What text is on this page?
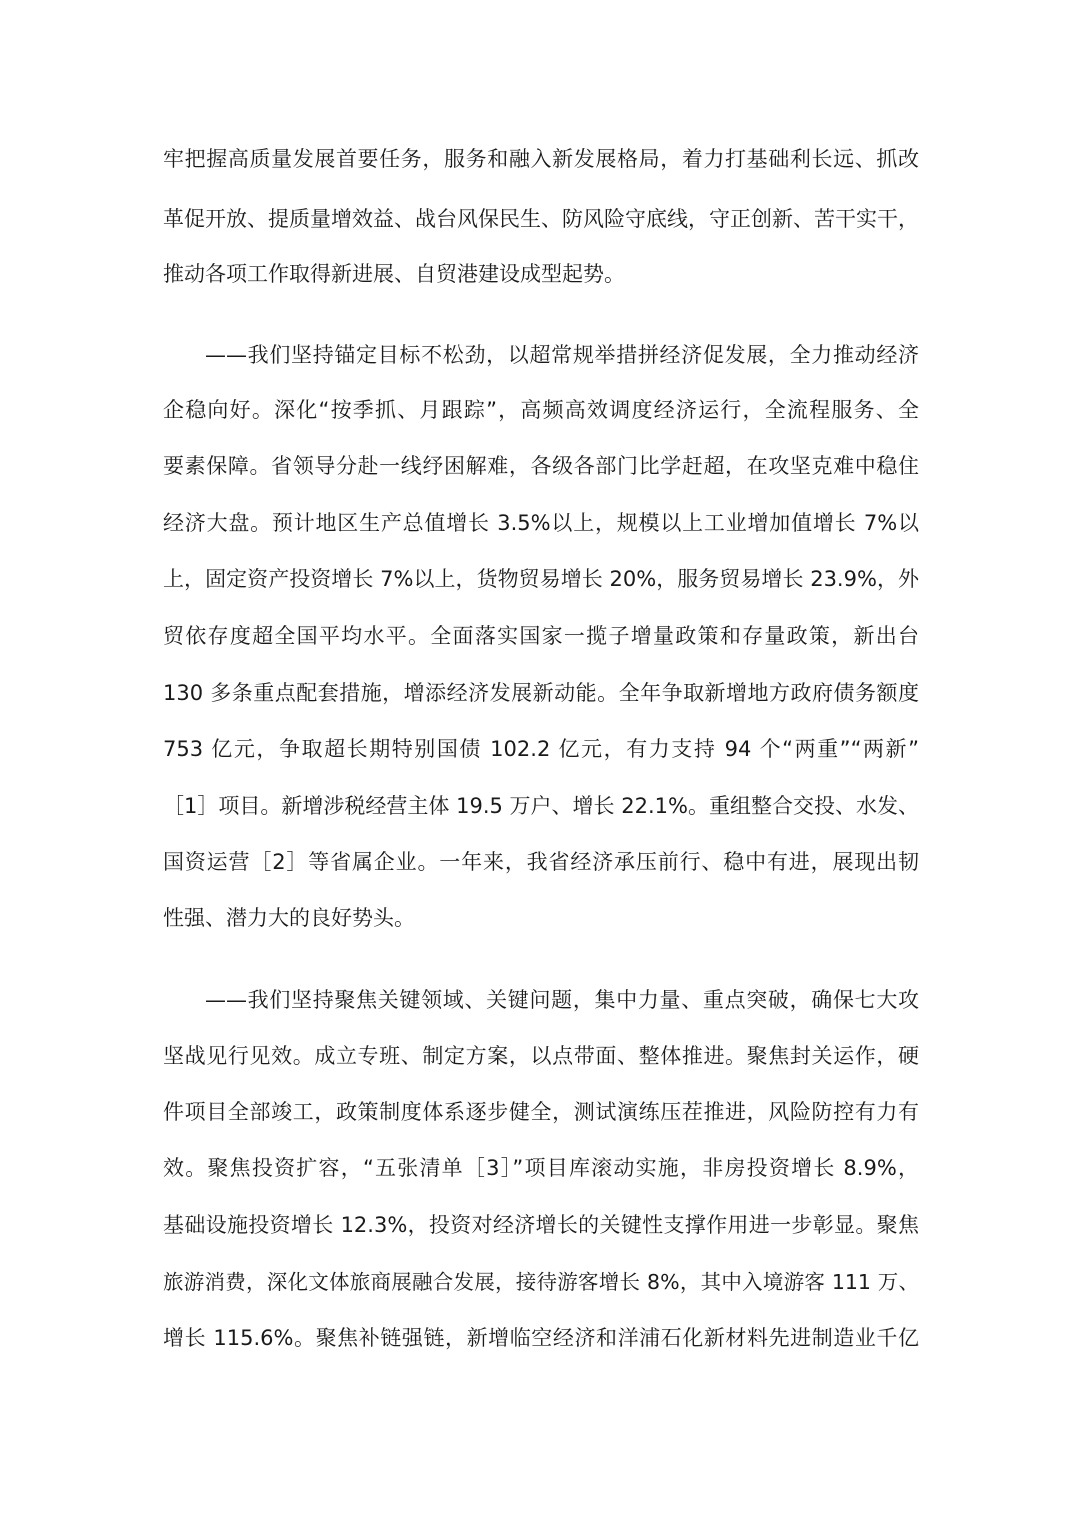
牢把握高质量发展首要任务，服务和融入新发展格局，着力打基础利长远、抓改
革促开放、提质量增效益、战台风保民生、防风险守底线，守正创新、苦干实干，
推动各项工作取得新进展、自贸港建设成型起势。
——我们坚持锚定目标不松劲，以超常规举措拼经济促发展，全力推动经济
企稳向好。深化“按季抓、月跟踪”，高频高效调度经济运行，全流程服务、全
要素保障。省领导分赴一线纾困解难，各级各部门比学赶超，在攻坚克难中稳住
经济大盘。预计地区生产总值增长 3.5%以上，规模以上工业增加值增长 7%以
上，固定资产投资增长 7%以上，货物贸易增长 20%，服务贸易增长 23.9%，外
贸依存度超全国平均水平。全面落实国家一揽子增量政策和存量政策，新出台
130 多条重点配套措施，增添经济发展新动能。全年争取新增地方政府债务额度
753 亿元，争取超长期特别国债 102.2 亿元，有力支持 94 个“两重”“两新”
［1］项目。新增涉税经营主体 19.5 万户、增长 22.1%。重组整合交投、水发、
国资运营［2］等省属企业。一年来，我省经济承压前行、稳中有进，展现出韧
性强、潜力大的良好势头。
——我们坚持聚焦关键领域、关键问题，集中力量、重点突破，确保七大攻
坚战见行见效。成立专班、制定方案，以点带面、整体推进。聚焦封关运作，硬
件项目全部竣工，政策制度体系逐步健全，测试演练压茬推进，风险防控有力有
效。聚焦投资扩容，“五张清单［3］”项目库滚动实施，非房投资增长 8.9%，
基础设施投资增长 12.3%，投资对经济增长的关键性支撑作用进一步彰显。聚焦
旅游消费，深化文体旅商展融合发展，接待游客增长 8%，其中入境游客 111 万、
增长 115.6%。聚焦补链强链，新增临空经济和洋浦石化新材料先进制造业千亿
